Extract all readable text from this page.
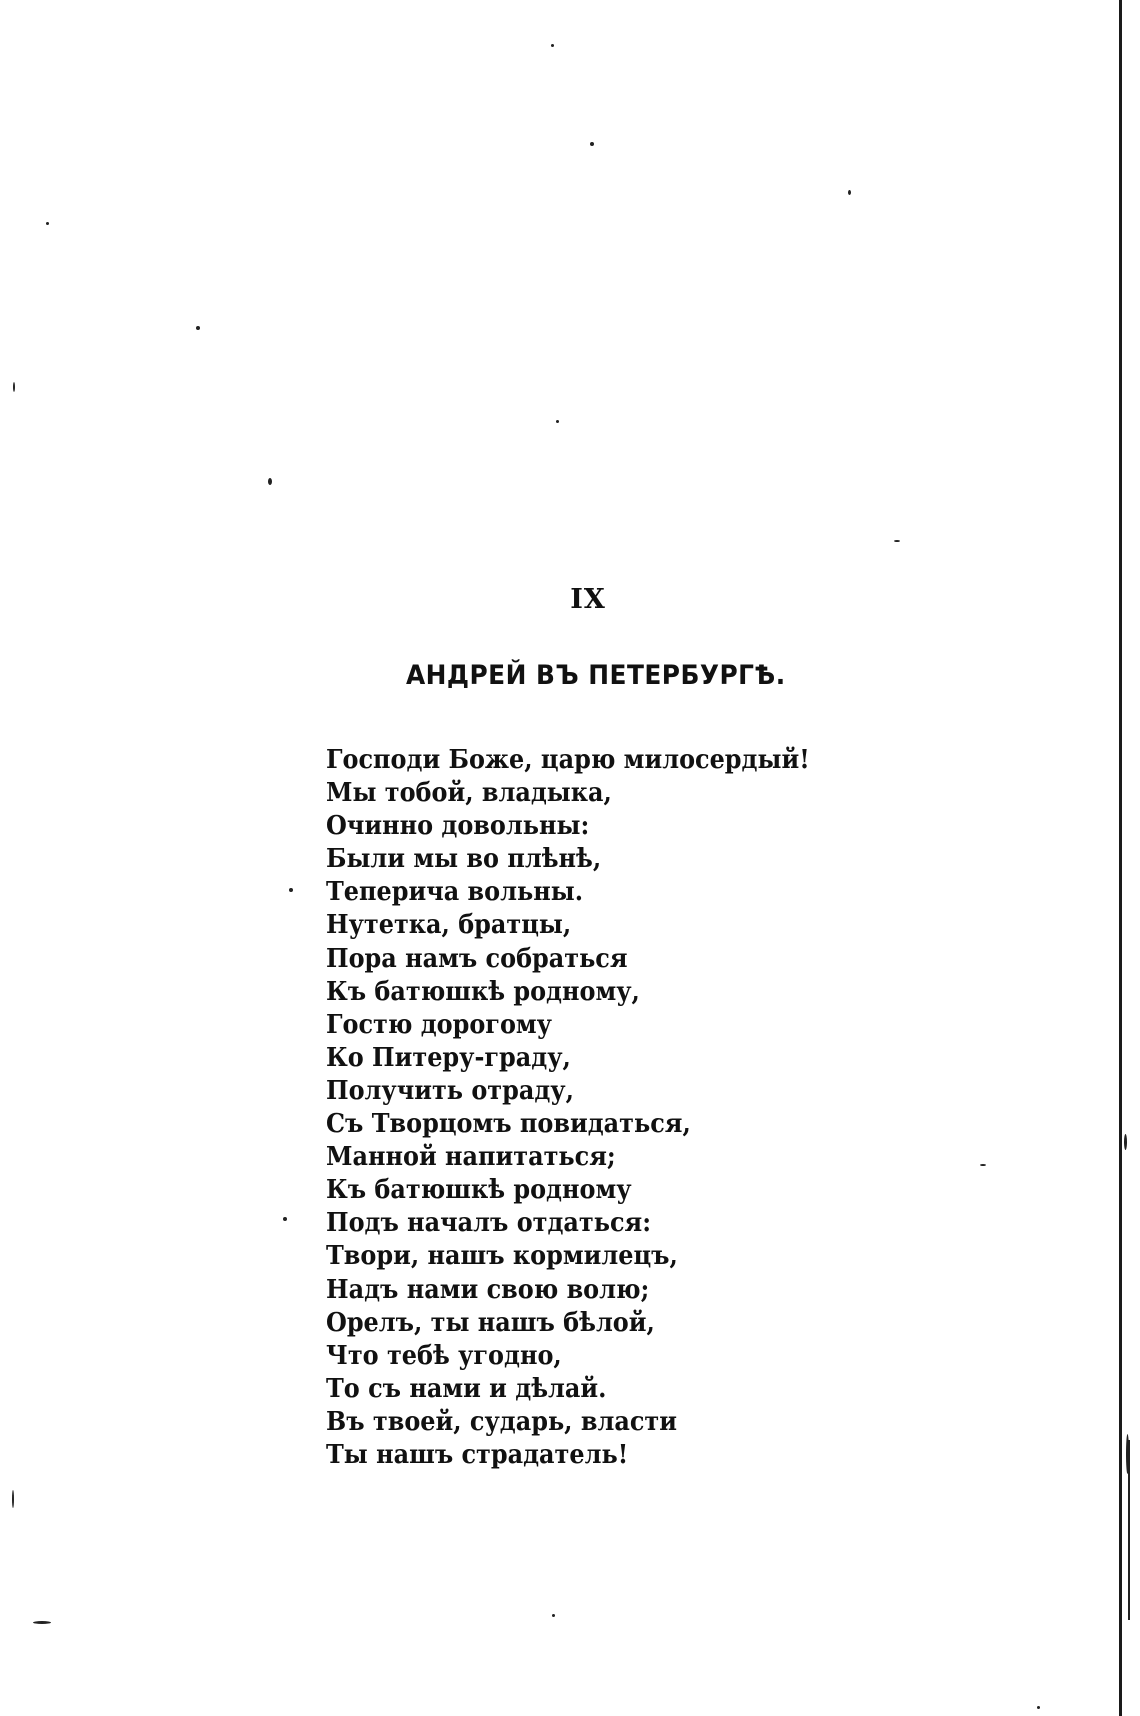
IX
АНДРЕЙ ВЪ ПЕТЕРБУРГѢ.
Господи Боже, царю милосердый!
Мы тобой, владыка,
Очинно довольны:
Были мы во плѣнѣ,
Теперича вольны.
Нутетка, братцы,
Пора намъ собраться
Къ батюшкѣ родному,
Гостю дорогому
Ко Питеру-граду,
Получить отраду,
Съ Творцомъ повидаться,
Манной напитаться;
Къ батюшкѣ родному
Подъ началъ отдаться:
Твори, нашъ кормилецъ,
Надъ нами свою волю;
Орелъ, ты нашъ бѣлой,
Что тебѣ угодно,
То съ нами и дѣлай.
Въ твоей, сударь, власти
Ты нашъ страдатель!
